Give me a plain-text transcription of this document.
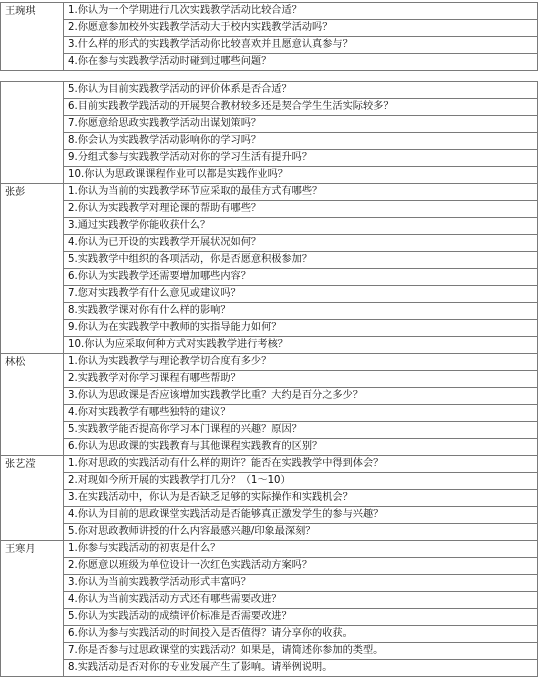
王琬琪	1.你认为一个学期进行几次实践教学活动比较合适？
2.你愿意参加校外实践教学活动大于校内实践教学活动吗？
3.什么样的形式的实践教学活动你比较喜欢并且愿意认真参与？
4.你在参与实践教学活动时碰到过哪些问题？
	5.你认为目前实践教学活动的评价体系是否合适？
	6.目前实践教学践活动的开展契合教材较多还是契合学生生活实际较多？
	7.你愿意给思政实践教学活动出谋划策吗？
	8.你会认为实践教学活动影响你的学习吗？
	9.分组式参与实践教学活动对你的学习生活有提升吗？
	10.你认为思政课课程作业可以都是实践作业吗？
张彭	1.你认为当前的实践教学环节应采取的最佳方式有哪些？
	2.你认为实践教学对理论课的帮助有哪些？
	3.通过实践教学你能收获什么？
	4.你认为已开设的实践教学开展状况如何？
	5.实践教学中组织的各项活动，你是否愿意积极参加？
	6.你认为实践教学还需要增加哪些内容？
	7.您对实践教学有什么意见或建议吗？
	8.实践教学课对你有什么样的影响？
	9.你认为在实践教学中教师的实指导能力如何？
	10.你认为应采取何种方式对实践教学进行考核？
林松	1.你认为实践教学与理论教学切合度有多少？
	2.实践教学对你学习课程有哪些帮助？
	3.你认为思政课是否应该增加实践教学比重？大约是百分之多少？
	4.你对实践教学有哪些独特的建议？
	5.实践教学能否提高你学习本门课程的兴趣？原因？
	6.你认为思政课的实践教育与其他课程实践教育的区别？
张艺滢	1.你对思政的实践活动有什么样的期许？能否在实践教学中得到体会？
	2.对现如今所开展的实践教学打几分？（1～10）
	3.在实践活动中，你认为是否缺乏足够的实际操作和实践机会？
	4.你认为目前的思政课堂实践活动是否能够真正激发学生的参与兴趣？
	5.你对思政教师讲授的什么内容最感兴趣/印象最深刻？
王寒月	1.你参与实践活动的初衷是什么？
	2.你愿意以班级为单位设计一次红色实践活动方案吗？
	3.你认为当前实践教学活动形式丰富吗？
	4.你认为当前实践活动方式还有哪些需要改进？
	5.你认为实践活动的成绩评价标准是否需要改进？
	6.你认为参与实践活动的时间投入是否值得？请分享你的收获。
	7.你是否参与过思政课堂的实践活动？如果是，请简述你参加的类型。
	8.实践活动是否对你的专业发展产生了影响。请举例说明。
